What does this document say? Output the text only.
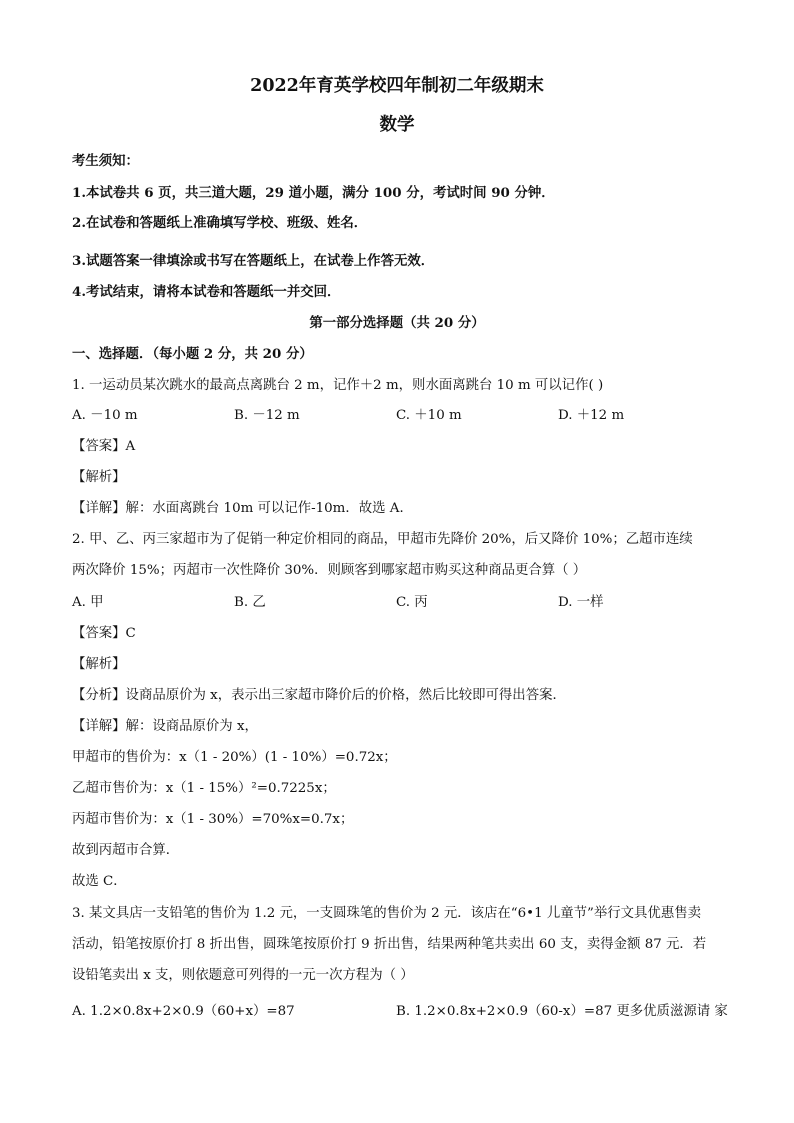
2022年育英学校四年制初二年级期末
数学
考生须知：
1.本试卷共 6 页，共三道大题，29 道小题，满分 100 分，考试时间 90 分钟．
2.在试卷和答题纸上准确填写学校、班级、姓名．
3.试题答案一律填涂或书写在答题纸上，在试卷上作答无效．
4.考试结束，请将本试卷和答题纸一并交回．
第一部分选择题（共 20 分）
一、选择题．（每小题 2 分，共 20 分）
1. 一运动员某次跳水的最高点离跳台 2 m，记作＋2 m，则水面离跳台 10 m 可以记作( )
A. －10 m	B. －12 m	C. ＋10 m	D. ＋12 m
【答案】A
【解析】
【详解】解：水面离跳台 10m 可以记作-10m．故选 A．
2. 甲、乙、丙三家超市为了促销一种定价相同的商品，甲超市先降价 20%，后又降价 10%；乙超市连续
两次降价 15%；丙超市一次性降价 30%．则顾客到哪家超市购买这种商品更合算（ ）
A. 甲	B. 乙	C. 丙	D. 一样
【答案】C
【解析】
【分析】设商品原价为 x，表示出三家超市降价后的价格，然后比较即可得出答案．
【详解】解：设商品原价为 x，
甲超市的售价为：x（1 - 20%）(1 - 10%）=0.72x；
乙超市售价为：x（1 - 15%）²=0.7225x；
丙超市售价为：x（1 - 30%）=70%x=0.7x；
故到丙超市合算．
故选 C．
3. 某文具店一支铅笔的售价为 1.2 元，一支圆珠笔的售价为 2 元．该店在“6•1 儿童节”举行文具优惠售卖
活动，铅笔按原价打 8 折出售，圆珠笔按原价打 9 折出售，结果两种笔共卖出 60 支，卖得金额 87 元．若
设铅笔卖出 x 支，则依题意可列得的一元一次方程为（ ）
A. 1.2×0.8x+2×0.9（60+x）=87	B. 1.2×0.8x+2×0.9（60-x）=87 更多优质滋源请 家
